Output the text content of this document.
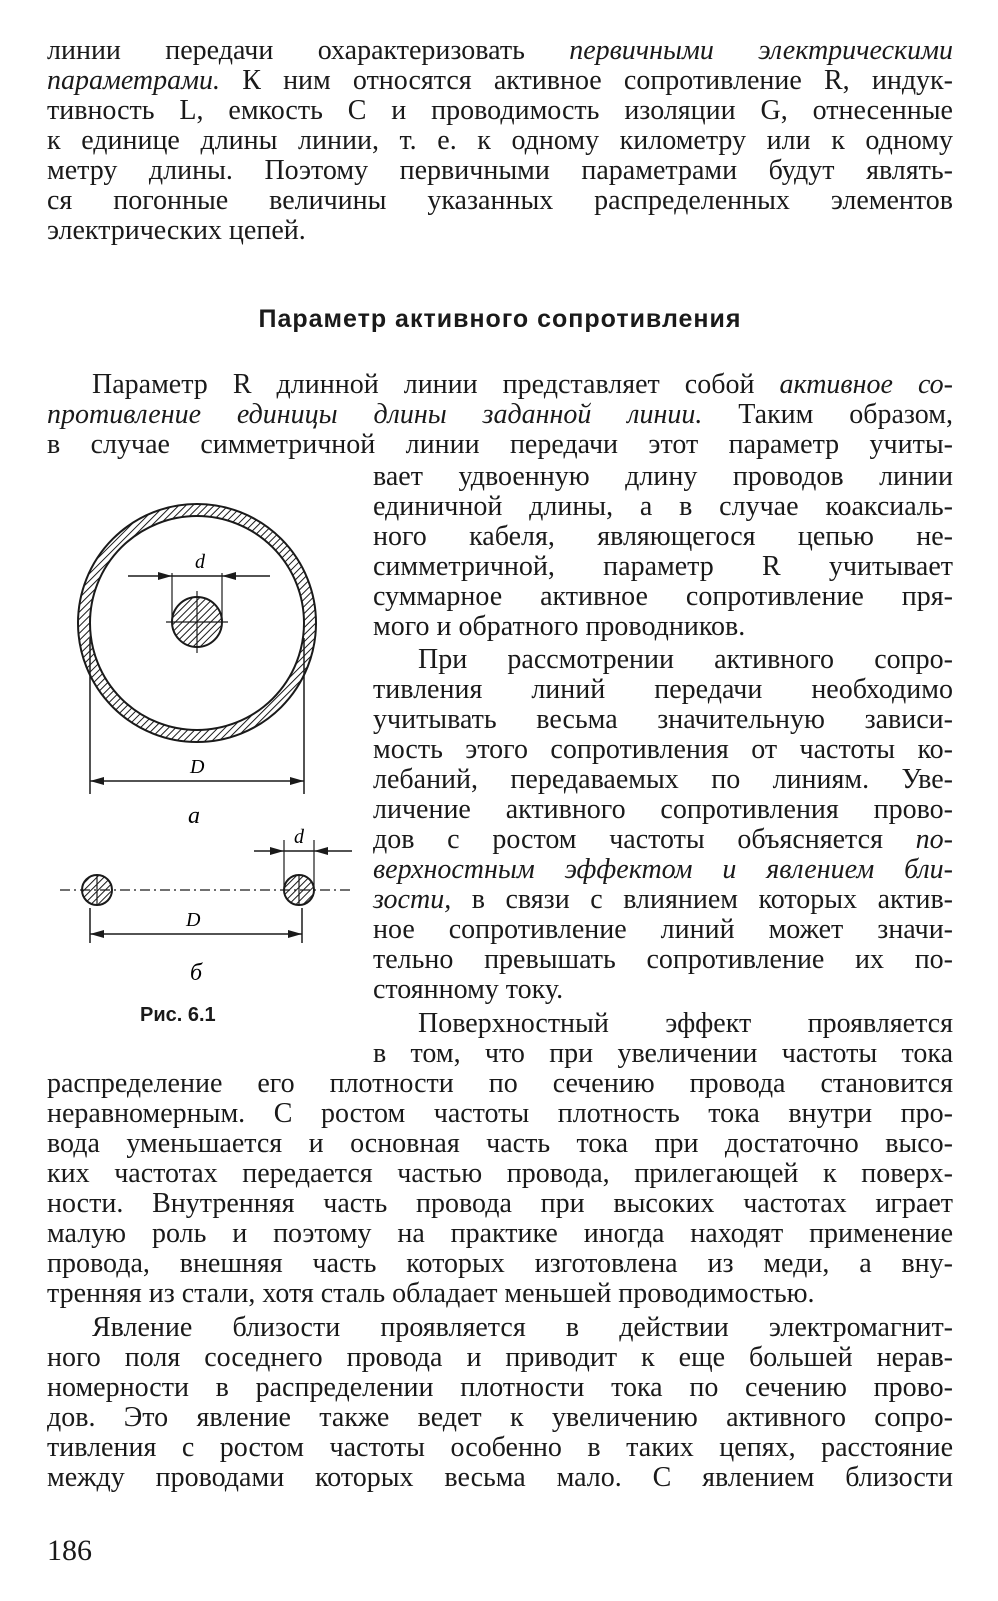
линии передачи охарактеризовать первичными электрическими

параметрами. К ним относятся активное сопротивление R, индук-

тивность L, емкость C и проводимость изоляции G, отнесенные

к единице длины линии, т. е. к одному километру или к одному

метру длины. Поэтому первичными параметрами будут являть-

ся погонные величины указанных распределенных элементов

электрических цепей.

Параметр активного сопротивления

Параметр R длинной линии представляет собой активное со-

противление единицы длины заданной линии. Таким образом,

в случае симметричной линии передачи этот параметр учиты-

вает удвоенную длину проводов линии

единичной длины, а в случае коаксиаль-

ного кабеля, являющегося цепью не-

симметричной, параметр R учитывает

суммарное активное сопротивление пря-

мого и обратного проводников.

При рассмотрении активного сопро-

тивления линий передачи необходимо

учитывать весьма значительную зависи-

мость этого сопротивления от частоты ко-

лебаний, передаваемых по линиям. Уве-

личение активного сопротивления прово-

дов с ростом частоты объясняется по-

верхностным эффектом и явлением бли-

зости, в связи с влиянием которых актив-

ное сопротивление линий может значи-

тельно превышать сопротивление их по-

стоянному току.

Поверхностный эффект проявляется

в том, что при увеличении частоты тока

распределение его плотности по сечению провода становится

неравномерным. С ростом частоты плотность тока внутри про-

вода уменьшается и основная часть тока при достаточно высо-

ких частотах передается частью провода, прилегающей к поверх-

ности. Внутренняя часть провода при высоких частотах играет

малую роль и поэтому на практике иногда находят применение

провода, внешняя часть которых изготовлена из меди, а вну-

тренняя из стали, хотя сталь обладает меньшей проводимостью.

Явление близости проявляется в действии электромагнит-

ного поля соседнего провода и приводит к еще большей нерав-

номерности в распределении плотности тока по сечению прово-

дов. Это явление также ведет к увеличению активного сопро-

тивления с ростом частоты особенно в таких цепях, расстояние

между проводами которых весьма мало. С явлением близости

d
D
а
d
D
б
Рис. 6.1
186
